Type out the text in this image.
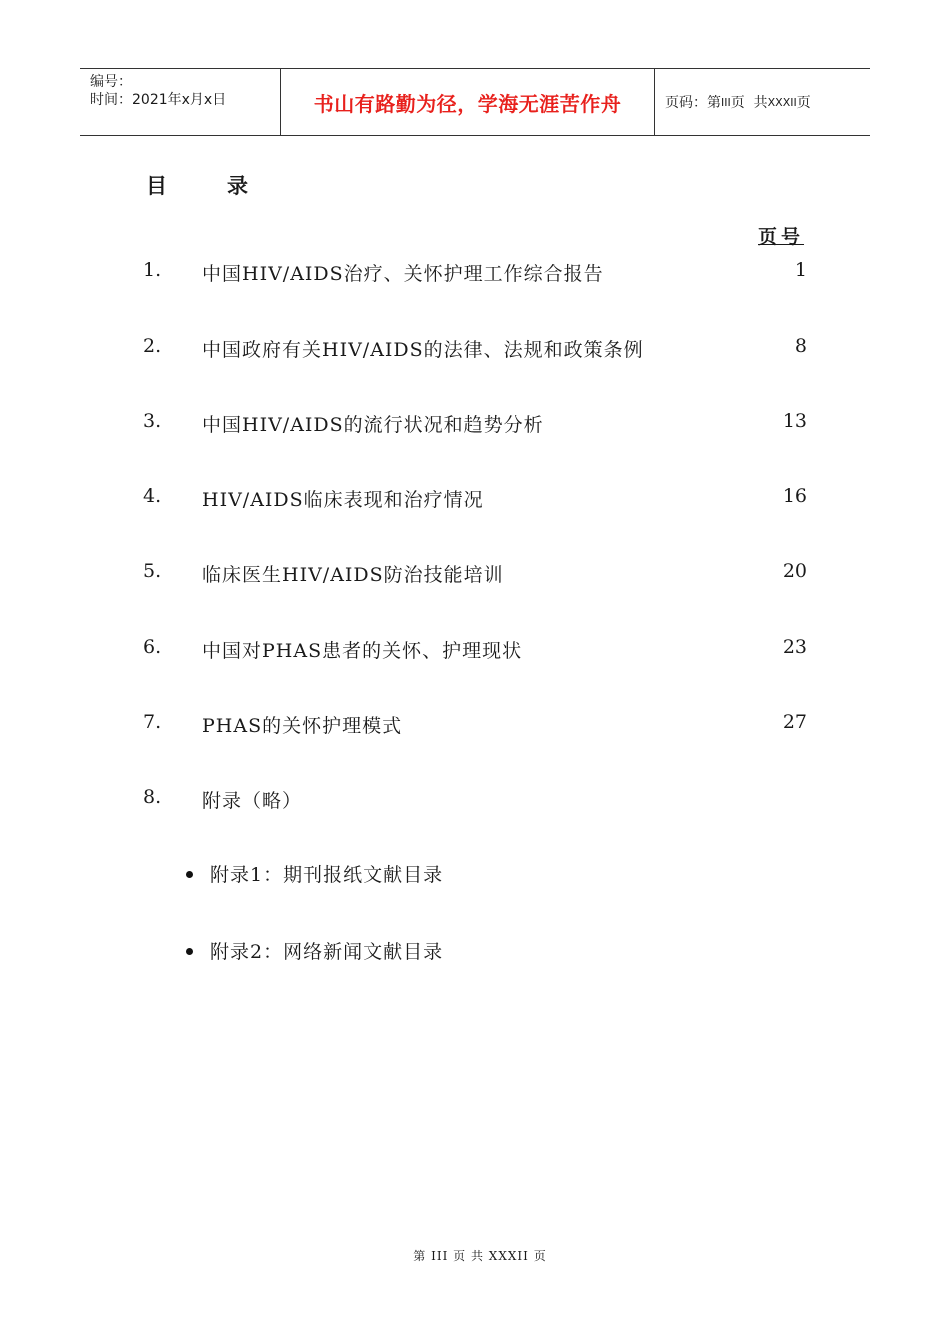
编号：
时间：2021年x月x日	书山有路勤为径，学海无涯苦作舟	页码：第 III 页  共 XXXII 页
目	录
页号
1. 中国HIV/AIDS治疗、关怀护理工作综合报告	1
2. 中国政府有关HIV/AIDS的法律、法规和政策条例	8
3. 中国HIV/AIDS的流行状况和趋势分析	13
4. HIV/AIDS临床表现和治疗情况	16
5. 临床医生HIV/AIDS防治技能培训	20
6. 中国对PHAS患者的关怀、护理现状	23
7. PHAS的关怀护理模式	27
8. 附录（略）
附录1：期刊报纸文献目录
附录2：网络新闻文献目录
第 III 页 共 XXXII 页
